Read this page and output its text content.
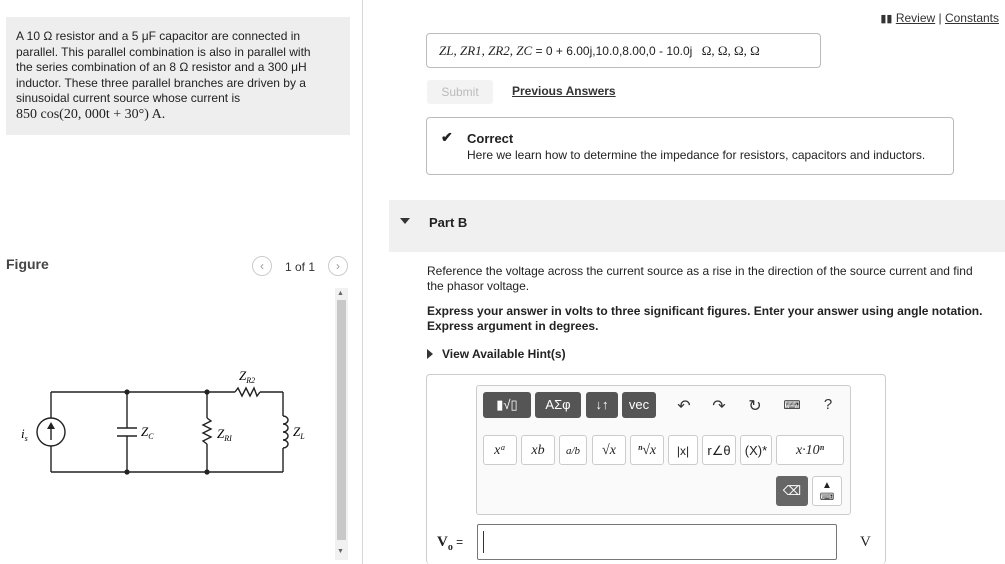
A 10 Ω resistor and a 5 μF capacitor are connected in
parallel. This parallel combination is also in parallel with
the series combination of an 8 Ω resistor and a 300 μH
inductor. These three parallel branches are driven by a
sinusoidal current source whose current is
850 cos(20, 000t + 30°) A.

Figure	‹	1 of 1	›
▲
▼
$i_s$	$Z_C$	$Z_{RI}$
$Z_{R2}$
$Z_L$
▮▮ Review | Constants
ZL, ZR1, ZR2, ZC = 0 + 6.00j,10.0,8.00,0 - 10.0j Ω, Ω, Ω, Ω
Submit	Previous Answers
✔ Correct
Here we learn how to determine the impedance for resistors, capacitors and inductors.
Part B
Reference the voltage across the current source as a rise in the direction of the source current and find
the phasor voltage.
Express your answer in volts to three significant figures. Enter your answer using angle notation.
Express argument in degrees.
View Available Hint(s)
▮√▯	ΑΣφ	↓↑	vec	↶ ↷ ↻	⌨	?
xᵃ	xb	a/b	√x	ⁿ√x	|x|	r∠θ	(X)*	x·10ⁿ
⌫	▲
⌨
$V_o$ =	V
